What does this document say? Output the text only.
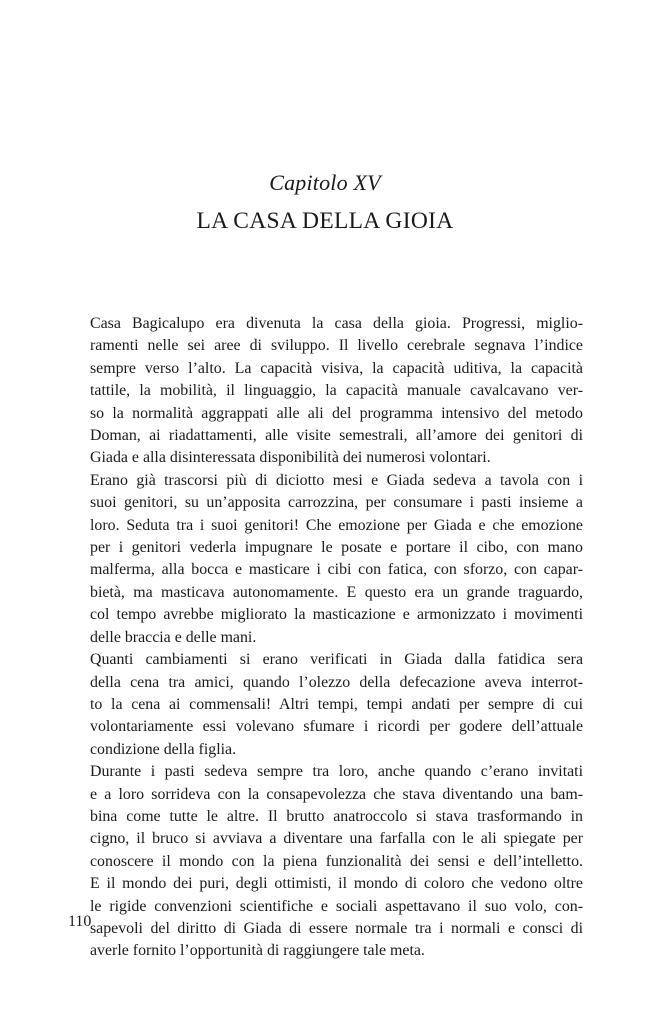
Capitolo XV
LA CASA DELLA GIOIA

Casa Bagicalupo era divenuta la casa della gioia. Progressi, miglio-
ramenti nelle sei aree di sviluppo. Il livello cerebrale segnava l’indice
sempre verso l’alto. La capacità visiva, la capacità uditiva, la capacità
tattile, la mobilità, il linguaggio, la capacità manuale cavalcavano ver-
so la normalità aggrappati alle ali del programma intensivo del metodo
Doman, ai riadattamenti, alle visite semestrali, all’amore dei genitori di
Giada e alla disinteressata disponibilità dei numerosi volontari.

Erano già trascorsi più di diciotto mesi e Giada sedeva a tavola con i
suoi genitori, su un’apposita carrozzina, per consumare i pasti insieme a
loro. Seduta tra i suoi genitori! Che emozione per Giada e che emozione
per i genitori vederla impugnare le posate e portare il cibo, con mano
malferma, alla bocca e masticare i cibi con fatica, con sforzo, con capar-
bietà, ma masticava autonomamente. E questo era un grande traguardo,
col tempo avrebbe migliorato la masticazione e armonizzato i movimenti
delle braccia e delle mani.

Quanti cambiamenti si erano verificati in Giada dalla fatidica sera
della cena tra amici, quando l’olezzo della defecazione aveva interrot-
to la cena ai commensali! Altri tempi, tempi andati per sempre di cui
volontariamente essi volevano sfumare i ricordi per godere dell’attuale
condizione della figlia.

Durante i pasti sedeva sempre tra loro, anche quando c’erano invitati
e a loro sorrideva con la consapevolezza che stava diventando una bam-
bina come tutte le altre. Il brutto anatroccolo si stava trasformando in
cigno, il bruco si avviava a diventare una farfalla con le ali spiegate per
conoscere il mondo con la piena funzionalità dei sensi e dell’intelletto.
E il mondo dei puri, degli ottimisti, il mondo di coloro che vedono oltre
le rigide convenzioni scientifiche e sociali aspettavano il suo volo, con-
sapevoli del diritto di Giada di essere normale tra i normali e consci di
averle fornito l’opportunità di raggiungere tale meta.

110
